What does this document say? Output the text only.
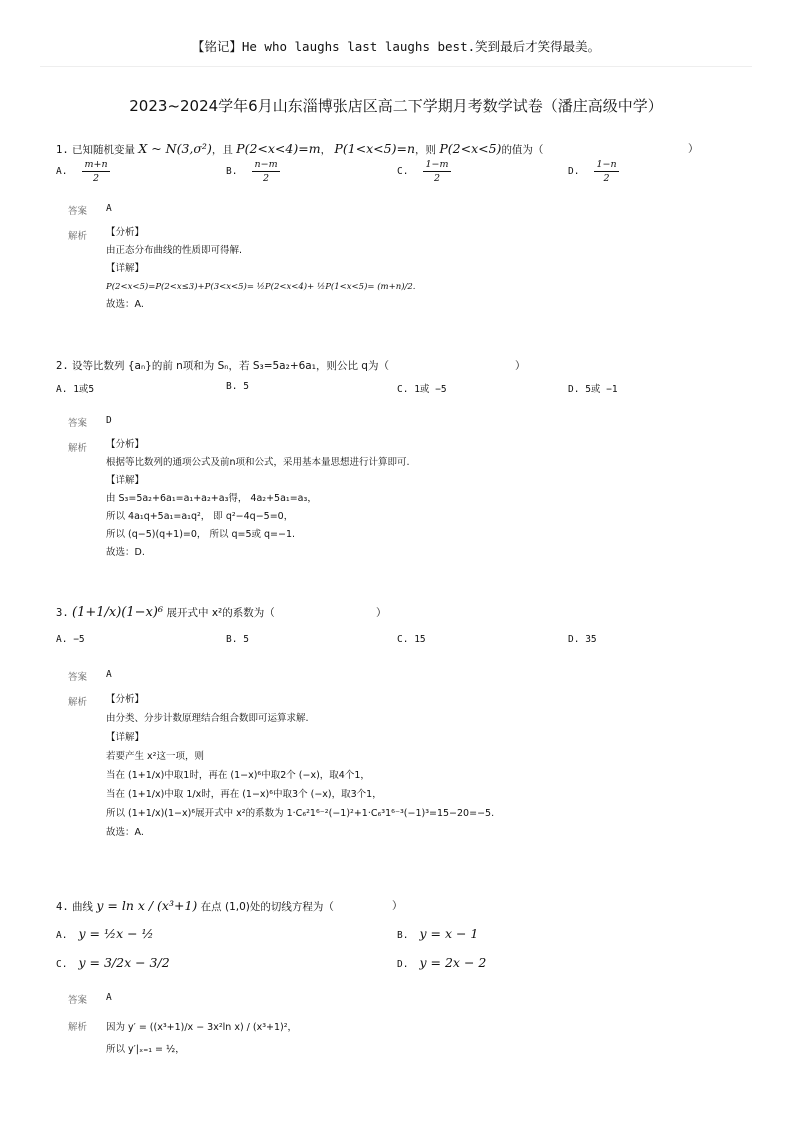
【铭记】He who laughs last laughs best.笑到最后才笑得最美。
2023~2024学年6月山东淄博张店区高二下学期月考数学试卷（潘庄高级中学）
1. 已知随机变量 X ~ N(3,σ²)，且 P(2<x<4)=m， P(1<x<5)=n，则 P(2<x<5)的值为（	）
A. $\frac{m+n}{2}$	B. $\frac{n-m}{2}$	C. $\frac{1-m}{2}$	D. $\frac{1-n}{2}$
答案 A
解析 【分析】
由正态分布曲线的性质即可得解.
【详解】
P(2<x<5)=P(2<x≤3)+P(3<x<5)= ½P(2<x<4)+ ½P(1<x<5)= (m+n)/2.
故选：A.
2. 设等比数列 {aₙ}的前 n项和为 Sₙ，若 S₃=5a₂+6a₁，则公比 q为（	）
A. 1或5	B. 5	C. 1或 −5	D. 5或 −1
答案 D
解析 【分析】
根据等比数列的通项公式及前n项和公式，采用基本量思想进行计算即可.
【详解】
由 S₃=5a₂+6a₁=a₁+a₂+a₃得， 4a₂+5a₁=a₃，
所以 4a₁q+5a₁=a₁q²， 即 q²−4q−5=0，
所以 (q−5)(q+1)=0， 所以 q=5或 q=−1.
故选：D.
3. (1+1/x)(1−x)⁶ 展开式中 x²的系数为（	）
A. −5	B. 5	C. 15	D. 35
答案 A
解析 【分析】
由分类、分步计数原理结合组合数即可运算求解.
【详解】
若要产生 x²这一项，则
当在 (1+1/x)中取1时，再在 (1−x)⁶中取2个 (−x)，取4个1，
当在 (1+1/x)中取 1/x时，再在 (1−x)⁶中取3个 (−x)，取3个1，
所以 (1+1/x)(1−x)⁶展开式中 x²的系数为 1·C₆²1⁶⁻²(−1)²+1·C₆³1⁶⁻³(−1)³=15−20=−5.
故选：A.
4. 曲线 y = ln x / (x³+1) 在点 (1,0)处的切线方程为（	）
A. y = ½x − ½	B. y = x − 1
C. y = 3/2x − 3/2	D. y = 2x − 2
答案 A
解析 因为 y′ = ((x³+1)/x − 3x²ln x) / (x³+1)²，
所以 y′|ₓ₌₁ = ½，
